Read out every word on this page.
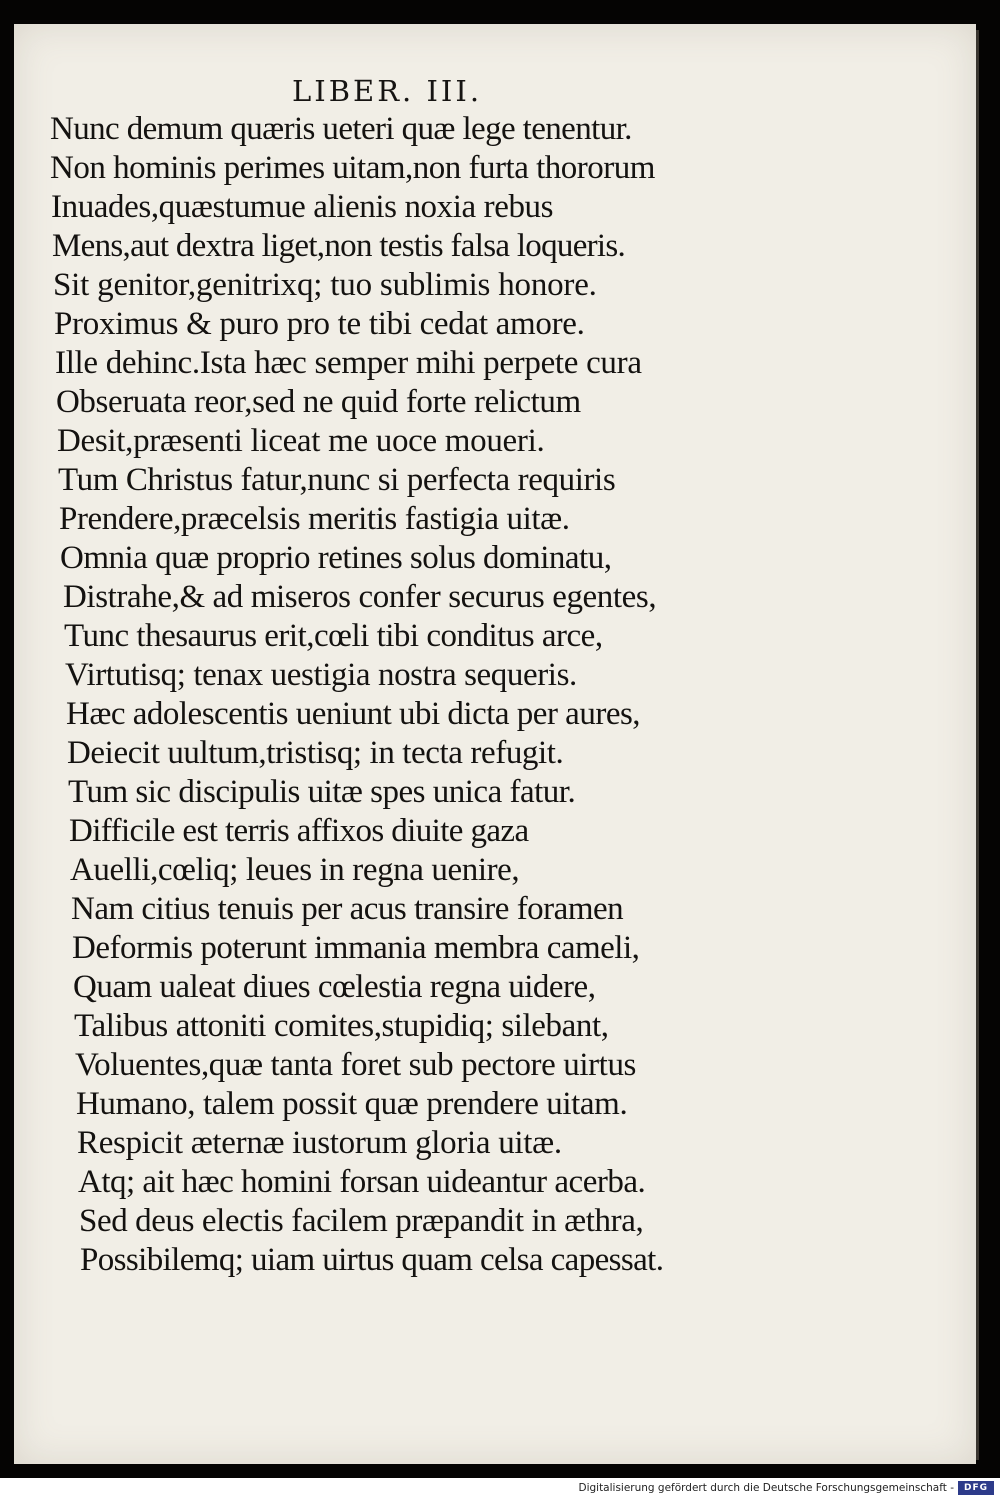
LIBER. III.
Nunc demum quæris ueteri quæ lege tenentur.
Non hominis perimes uitam,non furta thororum
Inuades,quæstumue alienis noxia rebus
Mens,aut dextra liget,non testis falsa loqueris.
Sit genitor,genitrixq; tuo sublimis honore.
Proximus & puro pro te tibi cedat amore.
Ille dehinc.Ista hæc semper mihi perpete cura
Obseruata reor,sed ne quid forte relictum
Desit,præsenti liceat me uoce moueri.
Tum Christus fatur,nunc si perfecta requiris
Prendere,præcelsis meritis fastigia uitæ.
Omnia quæ proprio retines solus dominatu,
Distrahe,& ad miseros confer securus egentes,
Tunc thesaurus erit,cœli tibi conditus arce,
Virtutisq; tenax uestigia nostra sequeris.
Hæc adolescentis ueniunt ubi dicta per aures,
Deiecit uultum,tristisq; in tecta refugit.
Tum sic discipulis uitæ spes unica fatur.
Difficile est terris affixos diuite gaza
Auelli,cœliq; leues in regna uenire,
Nam citius tenuis per acus transire foramen
Deformis poterunt immania membra cameli,
Quam ualeat diues cœlestia regna uidere,
Talibus attoniti comites,stupidiq; silebant,
Voluentes,quæ tanta foret sub pectore uirtus
Humano, talem possit quæ prendere uitam.
Respicit æternæ iustorum gloria uitæ.
Atq; ait hæc homini forsan uideantur acerba.
Sed deus electis facilem præpandit in æthra,
Possibilemq; uiam uirtus quam celsa capessat.
Digitalisierung gefördert durch die Deutsche Forschungsgemeinschaft -	DFG
